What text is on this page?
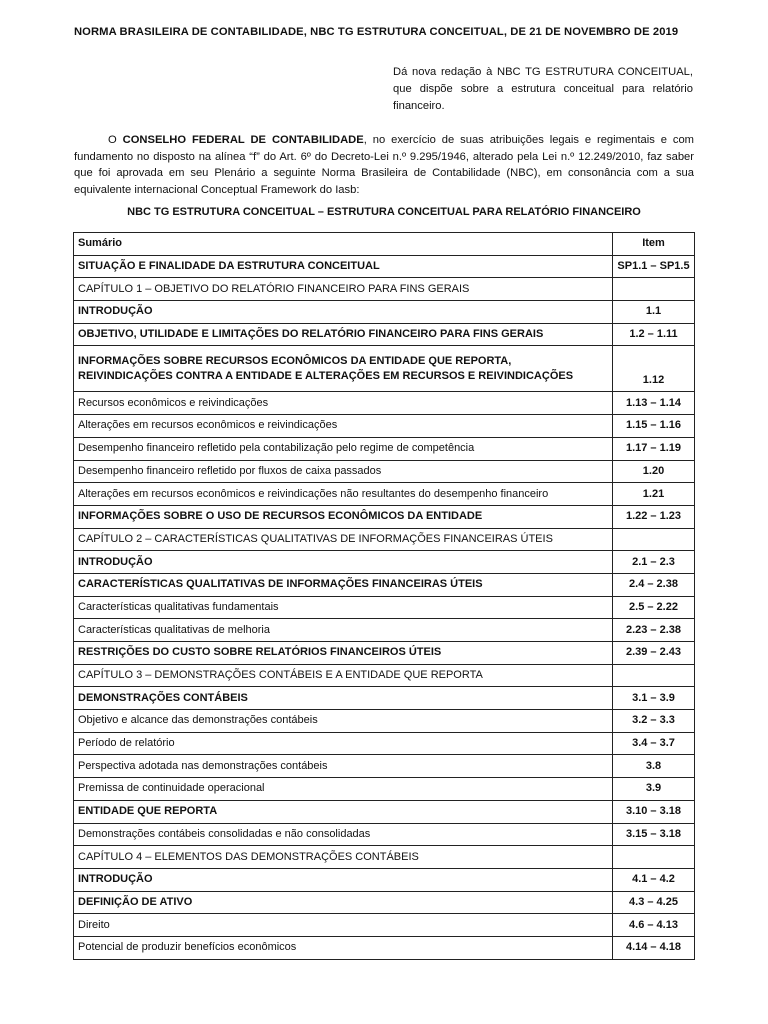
NORMA BRASILEIRA DE CONTABILIDADE, NBC TG ESTRUTURA CONCEITUAL, DE 21 DE NOVEMBRO DE 2019
Dá nova redação à NBC TG ESTRUTURA CONCEITUAL, que dispõe sobre a estrutura conceitual para relatório financeiro.
O CONSELHO FEDERAL DE CONTABILIDADE, no exercício de suas atribuições legais e regimentais e com fundamento no disposto na alínea “f” do Art. 6º do Decreto-Lei n.º 9.295/1946, alterado pela Lei n.º 12.249/2010, faz saber que foi aprovada em seu Plenário a seguinte Norma Brasileira de Contabilidade (NBC), em consonância com a sua equivalente internacional Conceptual Framework do Iasb:
NBC TG ESTRUTURA CONCEITUAL – ESTRUTURA CONCEITUAL PARA RELATÓRIO FINANCEIRO
Sumário	Item
SITUAÇÃO E FINALIDADE DA ESTRUTURA CONCEITUAL	SP1.1 – SP1.5
CAPÍTULO 1 – OBJETIVO DO RELATÓRIO FINANCEIRO PARA FINS GERAIS	
INTRODUÇÃO	1.1
OBJETIVO, UTILIDADE E LIMITAÇÕES DO RELATÓRIO FINANCEIRO PARA FINS GERAIS	1.2 – 1.11
INFORMAÇÕES SOBRE RECURSOS ECONÔMICOS DA ENTIDADE QUE REPORTA, REIVINDICAÇÕES CONTRA A ENTIDADE E ALTERAÇÕES EM RECURSOS E REIVINDICAÇÕES	1.12
Recursos econômicos e reivindicações	1.13 – 1.14
Alterações em recursos econômicos e reivindicações	1.15 – 1.16
Desempenho financeiro refletido pela contabilização pelo regime de competência	1.17 – 1.19
Desempenho financeiro refletido por fluxos de caixa passados	1.20
Alterações em recursos econômicos e reivindicações não resultantes do desempenho financeiro	1.21
INFORMAÇÕES SOBRE O USO DE RECURSOS ECONÔMICOS DA ENTIDADE	1.22 – 1.23
CAPÍTULO 2 – CARACTERÍSTICAS QUALITATIVAS DE INFORMAÇÕES FINANCEIRAS ÚTEIS	
INTRODUÇÃO	2.1 – 2.3
CARACTERÍSTICAS QUALITATIVAS DE INFORMAÇÕES FINANCEIRAS ÚTEIS	2.4 – 2.38
Características qualitativas fundamentais	2.5 – 2.22
Características qualitativas de melhoria	2.23 – 2.38
RESTRIÇÕES DO CUSTO SOBRE RELATÓRIOS FINANCEIROS ÚTEIS	2.39 – 2.43
CAPÍTULO 3 – DEMONSTRAÇÕES CONTÁBEIS E A ENTIDADE QUE REPORTA	
DEMONSTRAÇÕES CONTÁBEIS	3.1 – 3.9
Objetivo e alcance das demonstrações contábeis	3.2 – 3.3
Período de relatório	3.4 – 3.7
Perspectiva adotada nas demonstrações contábeis	3.8
Premissa de continuidade operacional	3.9
ENTIDADE QUE REPORTA	3.10 – 3.18
Demonstrações contábeis consolidadas e não consolidadas	3.15 – 3.18
CAPÍTULO 4 – ELEMENTOS DAS DEMONSTRAÇÕES CONTÁBEIS	
INTRODUÇÃO	4.1 – 4.2
DEFINIÇÃO DE ATIVO	4.3 – 4.25
Direito	4.6 – 4.13
Potencial de produzir benefícios econômicos	4.14 – 4.18
